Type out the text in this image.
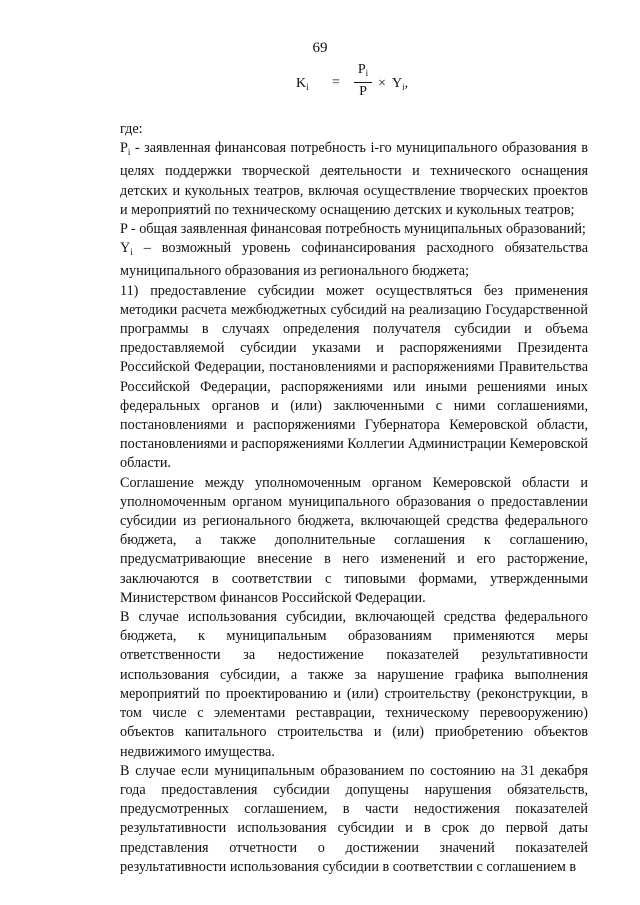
69
$K_i$ =
$P_i$
P
× $Y_i$,
где:

$P_i$ - заявленная финансовая потребность i-го муниципального образования в целях поддержки творческой деятельности и технического оснащения детских и кукольных театров, включая осуществление творческих проектов и мероприятий по техническому оснащению детских и кукольных театров;

P - общая заявленная финансовая потребность муниципальных образований;

$Y_i$ – возможный уровень софинансирования расходного обязательства муниципального образования из регионального бюджета;

11) предоставление субсидии может осуществляться без применения методики расчета межбюджетных субсидий на реализацию Государственной программы в случаях определения получателя субсидии и объема предоставляемой субсидии указами и распоряжениями Президента Российской Федерации, постановлениями и распоряжениями Правительства Российской Федерации, распоряжениями или иными решениями иных федеральных органов и (или) заключенными с ними соглашениями, постановлениями и распоряжениями Губернатора Кемеровской области, постановлениями и распоряжениями Коллегии Администрации Кемеровской области.

Соглашение между уполномоченным органом Кемеровской области и уполномоченным органом муниципального образования о предоставлении субсидии из регионального бюджета, включающей средства федерального бюджета, а также дополнительные соглашения к соглашению, предусматривающие внесение в него изменений и его расторжение, заключаются в соответствии с типовыми формами, утвержденными Министерством финансов Российской Федерации.

В случае использования субсидии, включающей средства федерального бюджета, к муниципальным образованиям применяются меры ответственности за недостижение показателей результативности использования субсидии, а также за нарушение графика выполнения мероприятий по проектированию и (или) строительству (реконструкции, в том числе с элементами реставрации, техническому перевооружению) объектов капитального строительства и (или) приобретению объектов недвижимого имущества.

В случае если муниципальным образованием по состоянию на 31 декабря года предоставления субсидии допущены нарушения обязательств, предусмотренных соглашением, в части недостижения показателей результативности использования субсидии и в срок до первой даты представления отчетности о достижении значений показателей результативности использования субсидии в соответствии с соглашением в
